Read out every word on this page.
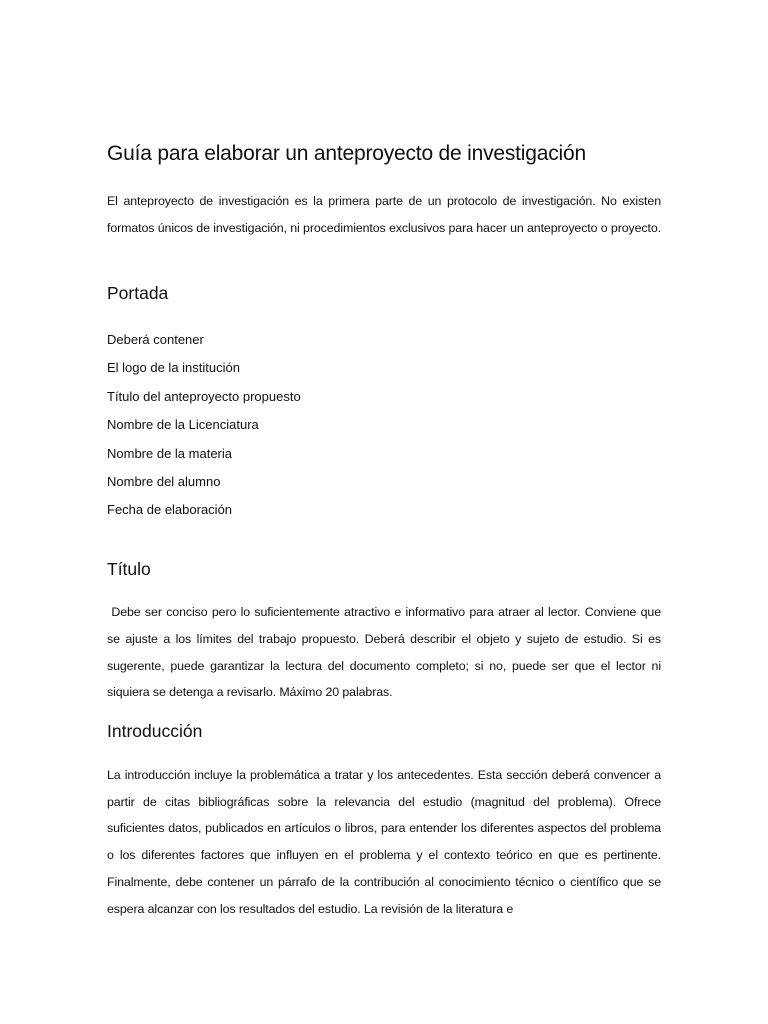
Guía para elaborar un anteproyecto de investigación

El anteproyecto de investigación es la primera parte de un protocolo de investigación. No existen formatos únicos de investigación, ni procedimientos exclusivos para hacer un anteproyecto o proyecto.

Portada
Deberá contener
El logo de la institución
Título del anteproyecto propuesto
Nombre de la Licenciatura
Nombre de la materia
Nombre del alumno
Fecha de elaboración
Título

Debe ser conciso pero lo suficientemente atractivo e informativo para atraer al lector. Conviene que se ajuste a los límites del trabajo propuesto. Deberá describir el objeto y sujeto de estudio. Si es sugerente, puede garantizar la lectura del documento completo; si no, puede ser que el lector ni siquiera se detenga a revisarlo. Máximo 20 palabras.

Introducción

La introducción incluye la problemática a tratar y los antecedentes. Esta sección deberá convencer a partir de citas bibliográficas sobre la relevancia del estudio (magnitud del problema). Ofrece suficientes datos, publicados en artículos o libros, para entender los diferentes aspectos del problema o los diferentes factores que influyen en el problema y el contexto teórico en que es pertinente. Finalmente, debe contener un párrafo de la contribución al conocimiento técnico o científico que se espera alcanzar con los resultados del estudio. La revisión de la literatura e
